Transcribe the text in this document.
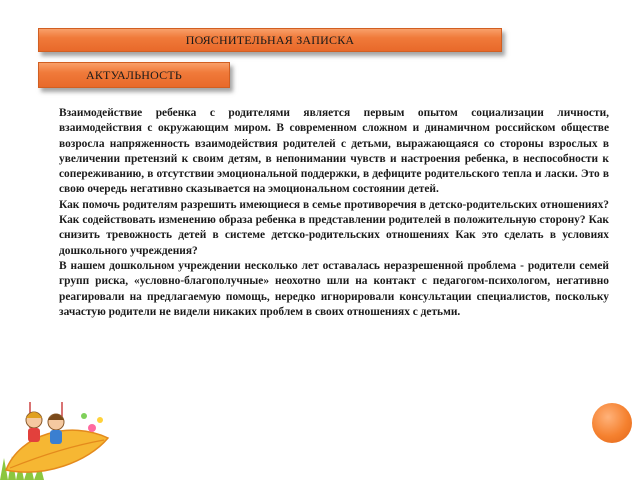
ПОЯСНИТЕЛЬНАЯ ЗАПИСКА
АКТУАЛЬНОСТЬ

Взаимодействие ребенка с родителями является первым опытом социализации личности, взаимодействия с окружающим миром. В современном сложном и динамичном российском обществе возросла напряженность взаимодействия родителей с детьми, выражающаяся со стороны взрослых в увеличении претензий к своим детям, в непонимании чувств и настроения ребенка, в неспособности к сопереживанию, в отсутствии эмоциональной поддержки, в дефиците родительского тепла и ласки. Это в свою очередь негативно сказывается на эмоциональном состоянии детей.

Как помочь родителям разрешить имеющиеся в семье противоречия в детско-родительских отношениях? Как содействовать изменению образа ребенка в представлении родителей в положительную сторону? Как снизить тревожность детей в системе детско-родительских отношениях Как это сделать в условиях дошкольного учреждения?

В нашем дошкольном учреждении несколько лет оставалась неразрешенной проблема - родители семей групп риска, «условно-благополучные» неохотно шли на контакт с педагогом-психологом, негативно реагировали на предлагаемую помощь, нередко игнорировали консультации специалистов, поскольку зачастую родители не видели никаких проблем в своих отношениях с детьми.
